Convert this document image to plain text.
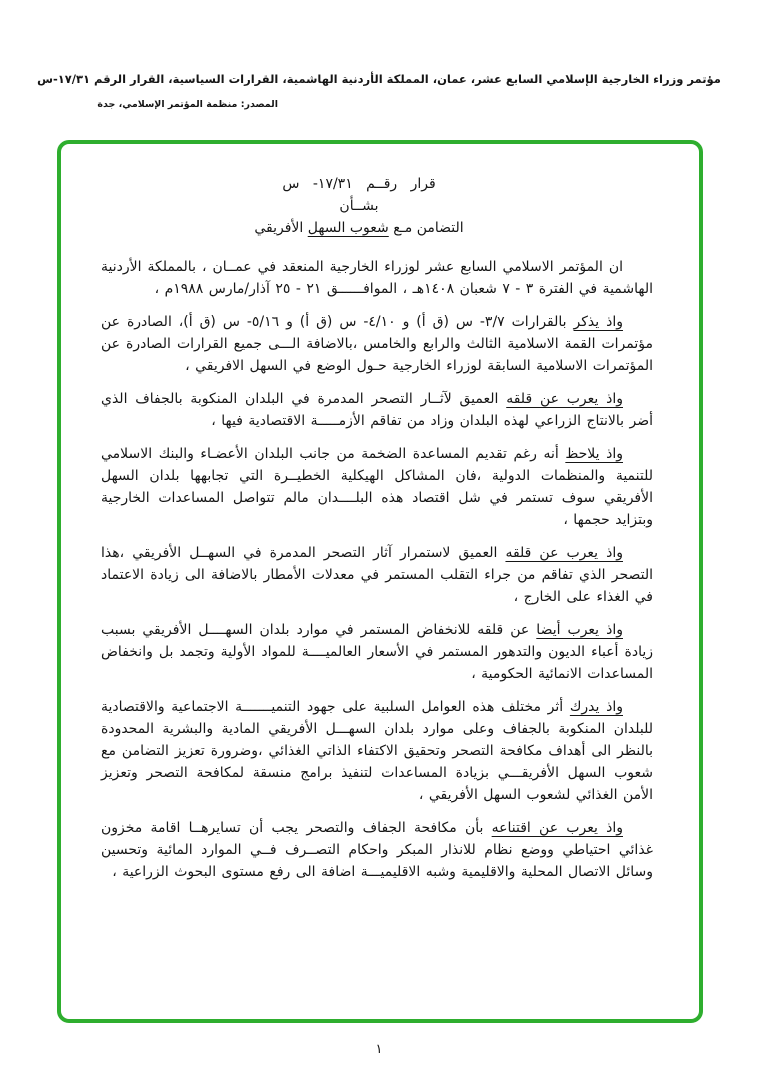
مؤتمر وزراء الخارجية الإسلامي السابع عشر، عمان، المملكة الأردنية الهاشمية، القرارات السياسية، القرار الرقم ١٧/٣١-س
المصدر: منظمة المؤتمر الإسلامي، جدة
قرار رقــم ١٧/٣١- س
بشــأن
التضامن مـع شعوب السهل الأفريقي

ان المؤتمر الاسلامي السابع عشر لوزراء الخارجية المنعقد في عمــان ، بالمملكة الأردنية الهاشمية في الفترة ٣ - ٧ شعبان ١٤٠٨هـ ، الموافــــــق ٢١ - ٢٥ آذار/مارس ١٩٨٨م ،

واذ يذكر بالقرارات ٣/٧- س (ق أ) و ٤/١٠- س (ق أ) و ٥/١٦- س (ق أ)، الصادرة عن مؤتمرات القمة الاسلامية الثالث والرابع والخامس ،بالاضافة الـــى جميع القرارات الصادرة عن المؤتمرات الاسلامية السابقة لوزراء الخارجية حـول الوضع في السهل الافريقي ،

واذ يعرب عن قلقه العميق لآثــار التصحر المدمرة في البلدان المنكوبة بالجفاف الذي أضر بالانتاج الزراعي لهذه البلدان وزاد من تفاقم الأزمـــــة الاقتصادية فيها ،

واذ يلاحظ أنه رغم تقديم المساعدة الضخمة من جانب البلدان الأعضـاء والبنك الاسلامي للتنمية والمنظمات الدولية ،فان المشاكل الهيكلية الخطيــرة التي تجابهها بلدان السهل الأفريقي سوف تستمر في شل اقتصاد هذه البلــــدان مالم تتواصل المساعدات الخارجية وبتزايد حجمها ،

واذ يعرب عن قلقه العميق لاستمرار آثار التصحر المدمرة في السهــل الأفريقي ،هذا التصحر الذي تفاقم من جراء التقلب المستمر في معدلات الأمطار بالاضافة الى زيادة الاعتماد في الغذاء على الخارج ،

واذ يعرب أيضا عن قلقه للانخفاض المستمر في موارد بلدان السهــــل الأفريقي بسبب زيادة أعباء الديون والتدهور المستمر في الأسعار العالميــــة للمواد الأولية وتجمد بل وانخفاض المساعدات الانمائية الحكومية ،

واذ يدرك أثر مختلف هذه العوامل السلبية على جهود التنميـــــــة الاجتماعية والاقتصادية للبلدان المنكوبة بالجفاف وعلى موارد بلدان السهـــل الأفريقي المادية والبشرية المحدودة بالنظر الى أهداف مكافحة التصحر وتحقيق الاكتفاء الذاتي الغذائي ،وضرورة تعزيز التضامن مع شعوب السهل الأفريقـــي بزيادة المساعدات لتنفيذ برامج منسقة لمكافحة التصحر وتعزيز الأمن الغذائي لشعوب السهل الأفريقي ،

واذ يعرب عن اقتناعه بأن مكافحة الجفاف والتصحر يجب أن تسايرهــا اقامة مخزون غذائي احتياطي ووضع نظام للانذار المبكر واحكام التصــرف فــي الموارد المائية وتحسين وسائل الاتصال المحلية والاقليمية وشبه الاقليميـــة اضافة الى رفع مستوى البحوث الزراعية ،

١
